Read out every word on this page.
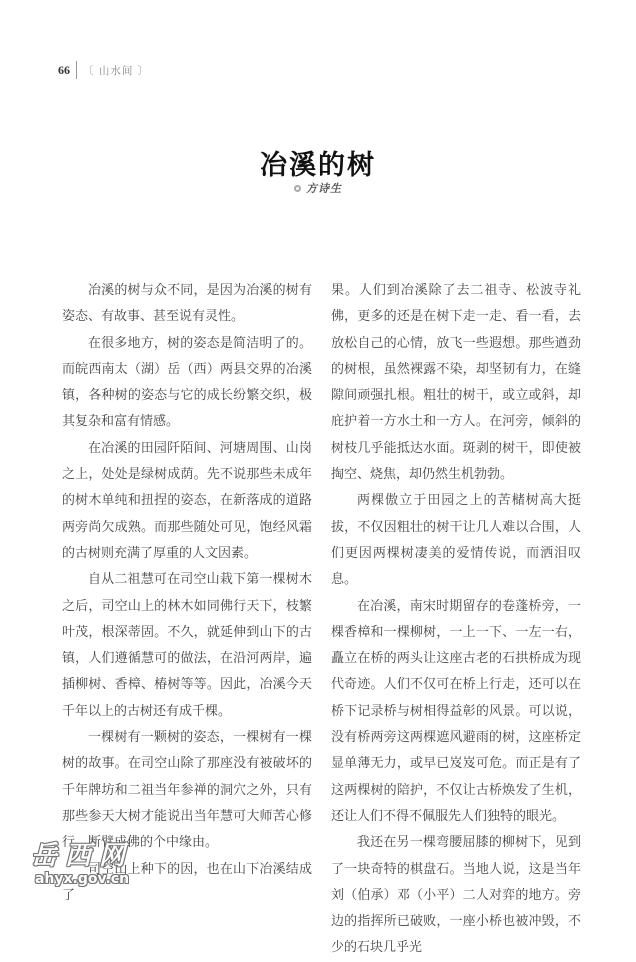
66 〔 山水间 〕
冶溪的树
方诗生

冶溪的树与众不同，是因为冶溪的树有姿态、有故事、甚至说有灵性。

在很多地方，树的姿态是简洁明了的。而皖西南太（湖）岳（西）两县交界的冶溪镇，各种树的姿态与它的成长纷繁交织，极其复杂和富有情感。

在冶溪的田园阡陌间、河塘周围、山岗之上，处处是绿树成荫。先不说那些未成年的树木单纯和扭捏的姿态，在新落成的道路两旁尚欠成熟。而那些随处可见，饱经风霜的古树则充满了厚重的人文因素。

自从二祖慧可在司空山栽下第一棵树木之后，司空山上的林木如同佛行天下，枝繁叶茂，根深蒂固。不久，就延伸到山下的古镇，人们遵循慧可的做法，在沿河两岸，遍插柳树、香樟、椿树等等。因此，冶溪今天千年以上的古树还有成千棵。

一棵树有一颗树的姿态，一棵树有一棵树的故事。在司空山除了那座没有被破坏的千年牌坊和二祖当年参禅的洞穴之外，只有那些参天大树才能说出当年慧可大师苦心修行、断臂成佛的个中缘由。

司空山上种下的因，也在山下冶溪结成了

果。人们到冶溪除了去二祖寺、松波寺礼佛，更多的还是在树下走一走、看一看，去放松自己的心情，放飞一些遐想。那些遒劲的树根，虽然裸露不染，却坚韧有力，在缝隙间顽强扎根。粗壮的树干，或立或斜，却庇护着一方水土和一方人。在河旁，倾斜的树枝几乎能抵达水面。斑剥的树干，即使被掏空、烧焦，却仍然生机勃勃。

两棵傲立于田园之上的苦槠树高大挺拔，不仅因粗壮的树干让几人难以合围，人们更因两棵树凄美的爱情传说，而洒泪叹息。

在冶溪，南宋时期留存的卷蓬桥旁，一棵香樟和一棵柳树，一上一下、一左一右，矗立在桥的两头让这座古老的石拱桥成为现代奇迹。人们不仅可在桥上行走，还可以在桥下记录桥与树相得益彰的风景。可以说，没有桥两旁这两棵遮风避雨的树，这座桥定显单薄无力，或早已岌岌可危。而正是有了这两棵树的陪护，不仅让古桥焕发了生机，还让人们不得不佩服先人们独特的眼光。

我还在另一棵弯腰屈膝的柳树下，见到了一块奇特的棋盘石。当地人说，这是当年刘（伯承）邓（小平）二人对弈的地方。旁边的指挥所已破败，一座小桥也被冲毁，不少的石块几乎光

岳西网
ahyx.gov.cn
